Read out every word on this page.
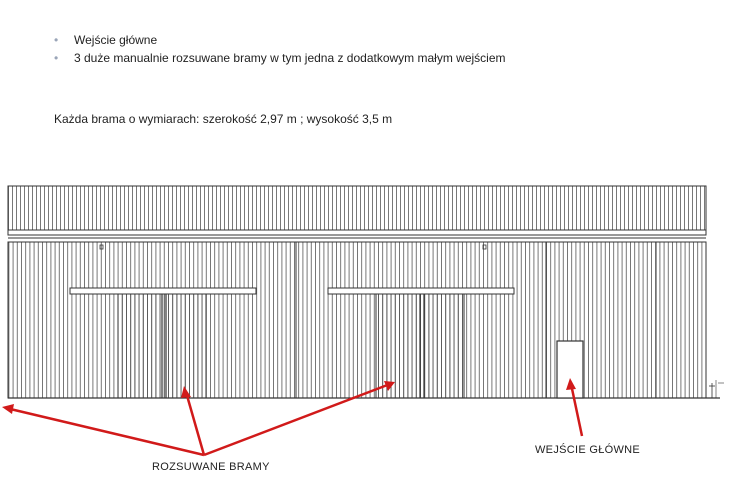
•	Wejście główne
•	3 duże manualnie rozsuwane bramy w tym jedna z dodatkowym małym wejściem
Każda brama o wymiarach: szerokość 2,97 m ; wysokość 3,5 m
ROZSUWANE BRAMY
WEJŚCIE GŁÓWNE
